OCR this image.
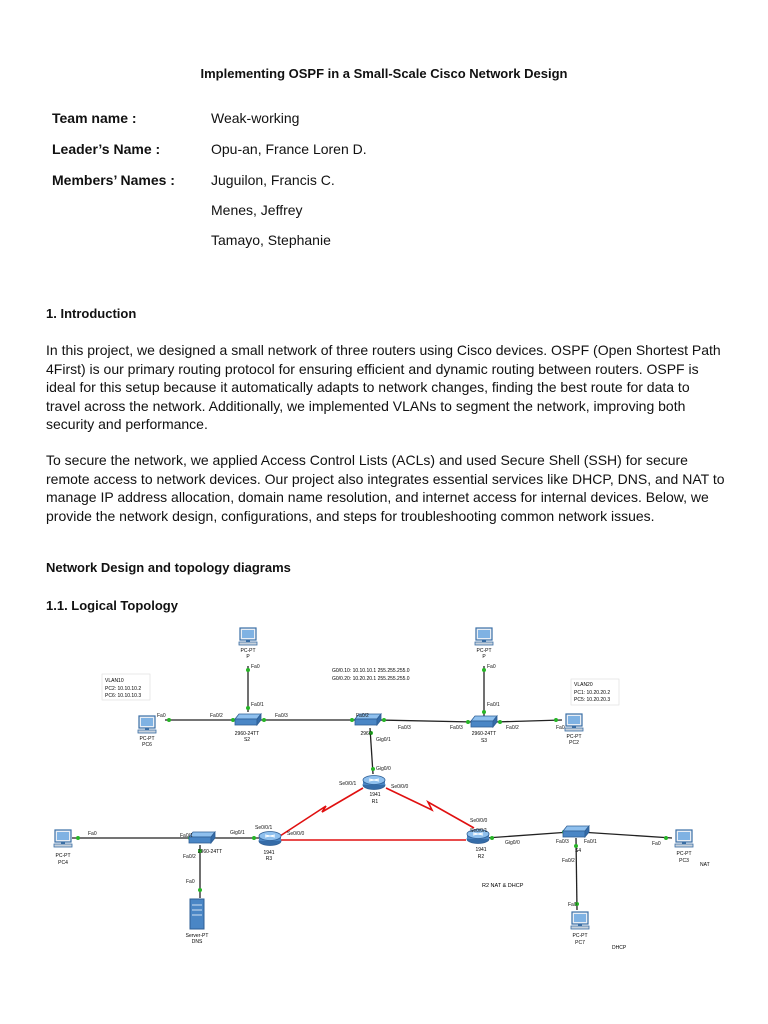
Implementing OSPF in a Small-Scale Cisco Network Design
Team name :	Weak-working
Leader’s Name :	Opu-an, France Loren D.
Members’ Names :	Juguilon, Francis C.
Menes, Jeffrey
Tamayo, Stephanie
1. Introduction
In this project, we designed a small network of three routers using Cisco devices. OSPF (Open Shortest Path 4First) is our primary routing protocol for ensuring efficient and dynamic routing between routers. OSPF is ideal for this setup because it automatically adapts to network changes, finding the best route for data to travel across the network. Additionally, we implemented VLANs to segment the network, improving both security and performance.
To secure the network, we applied Access Control Lists (ACLs) and used Secure Shell (SSH) for secure remote access to network devices. Our project also integrates essential services like DHCP, DNS, and NAT to manage IP address allocation, domain name resolution, and internet access for internal devices. Below, we provide the network design, configurations, and steps for troubleshooting common network issues.
Network Design and topology diagrams
1.1. Logical Topology
PC-PT
P
PC-PT
P
PC-PT
PC6
PC-PT
PC2
PC-PT
PC4
PC-PT
PC3
PC-PT
PC7
Server-PT
DNS
2960-24TT
S2
2960	2960-24TT
S3
2960-24TT	S4
1941
R1
1941
R3
1941
R2
Fa0
Fa0/1
Fa0/2
Fa0	Fa0/3	Fa0/2
Fa0/3
Gig0/1
Fa0/3	Fa0/2
Fa0/1
Fa0
Fa0
Gig0/0
Se0/0/1	Se0/0/0
Fa0	Fa0/1
Fa0/2
Gig0/1
Fa0
Se0/0/1
Se0/0/0
Se0/0/0
Se0/0/1
Gig0/0	Fa0/3	Fa0/1
Fa0/2
Fa0
Fa0
VLAN10
PC2: 10.10.10.2
PC6: 10.10.10.3
VLAN20
PC1: 10.20.20.2
PC5: 10.20.20.3
G0/0.10: 10.10.10.1 255.255.255.0
G0/0.20: 10.20.20.1 255.255.255.0
R2 NAT & DHCP
NAT
DHCP
